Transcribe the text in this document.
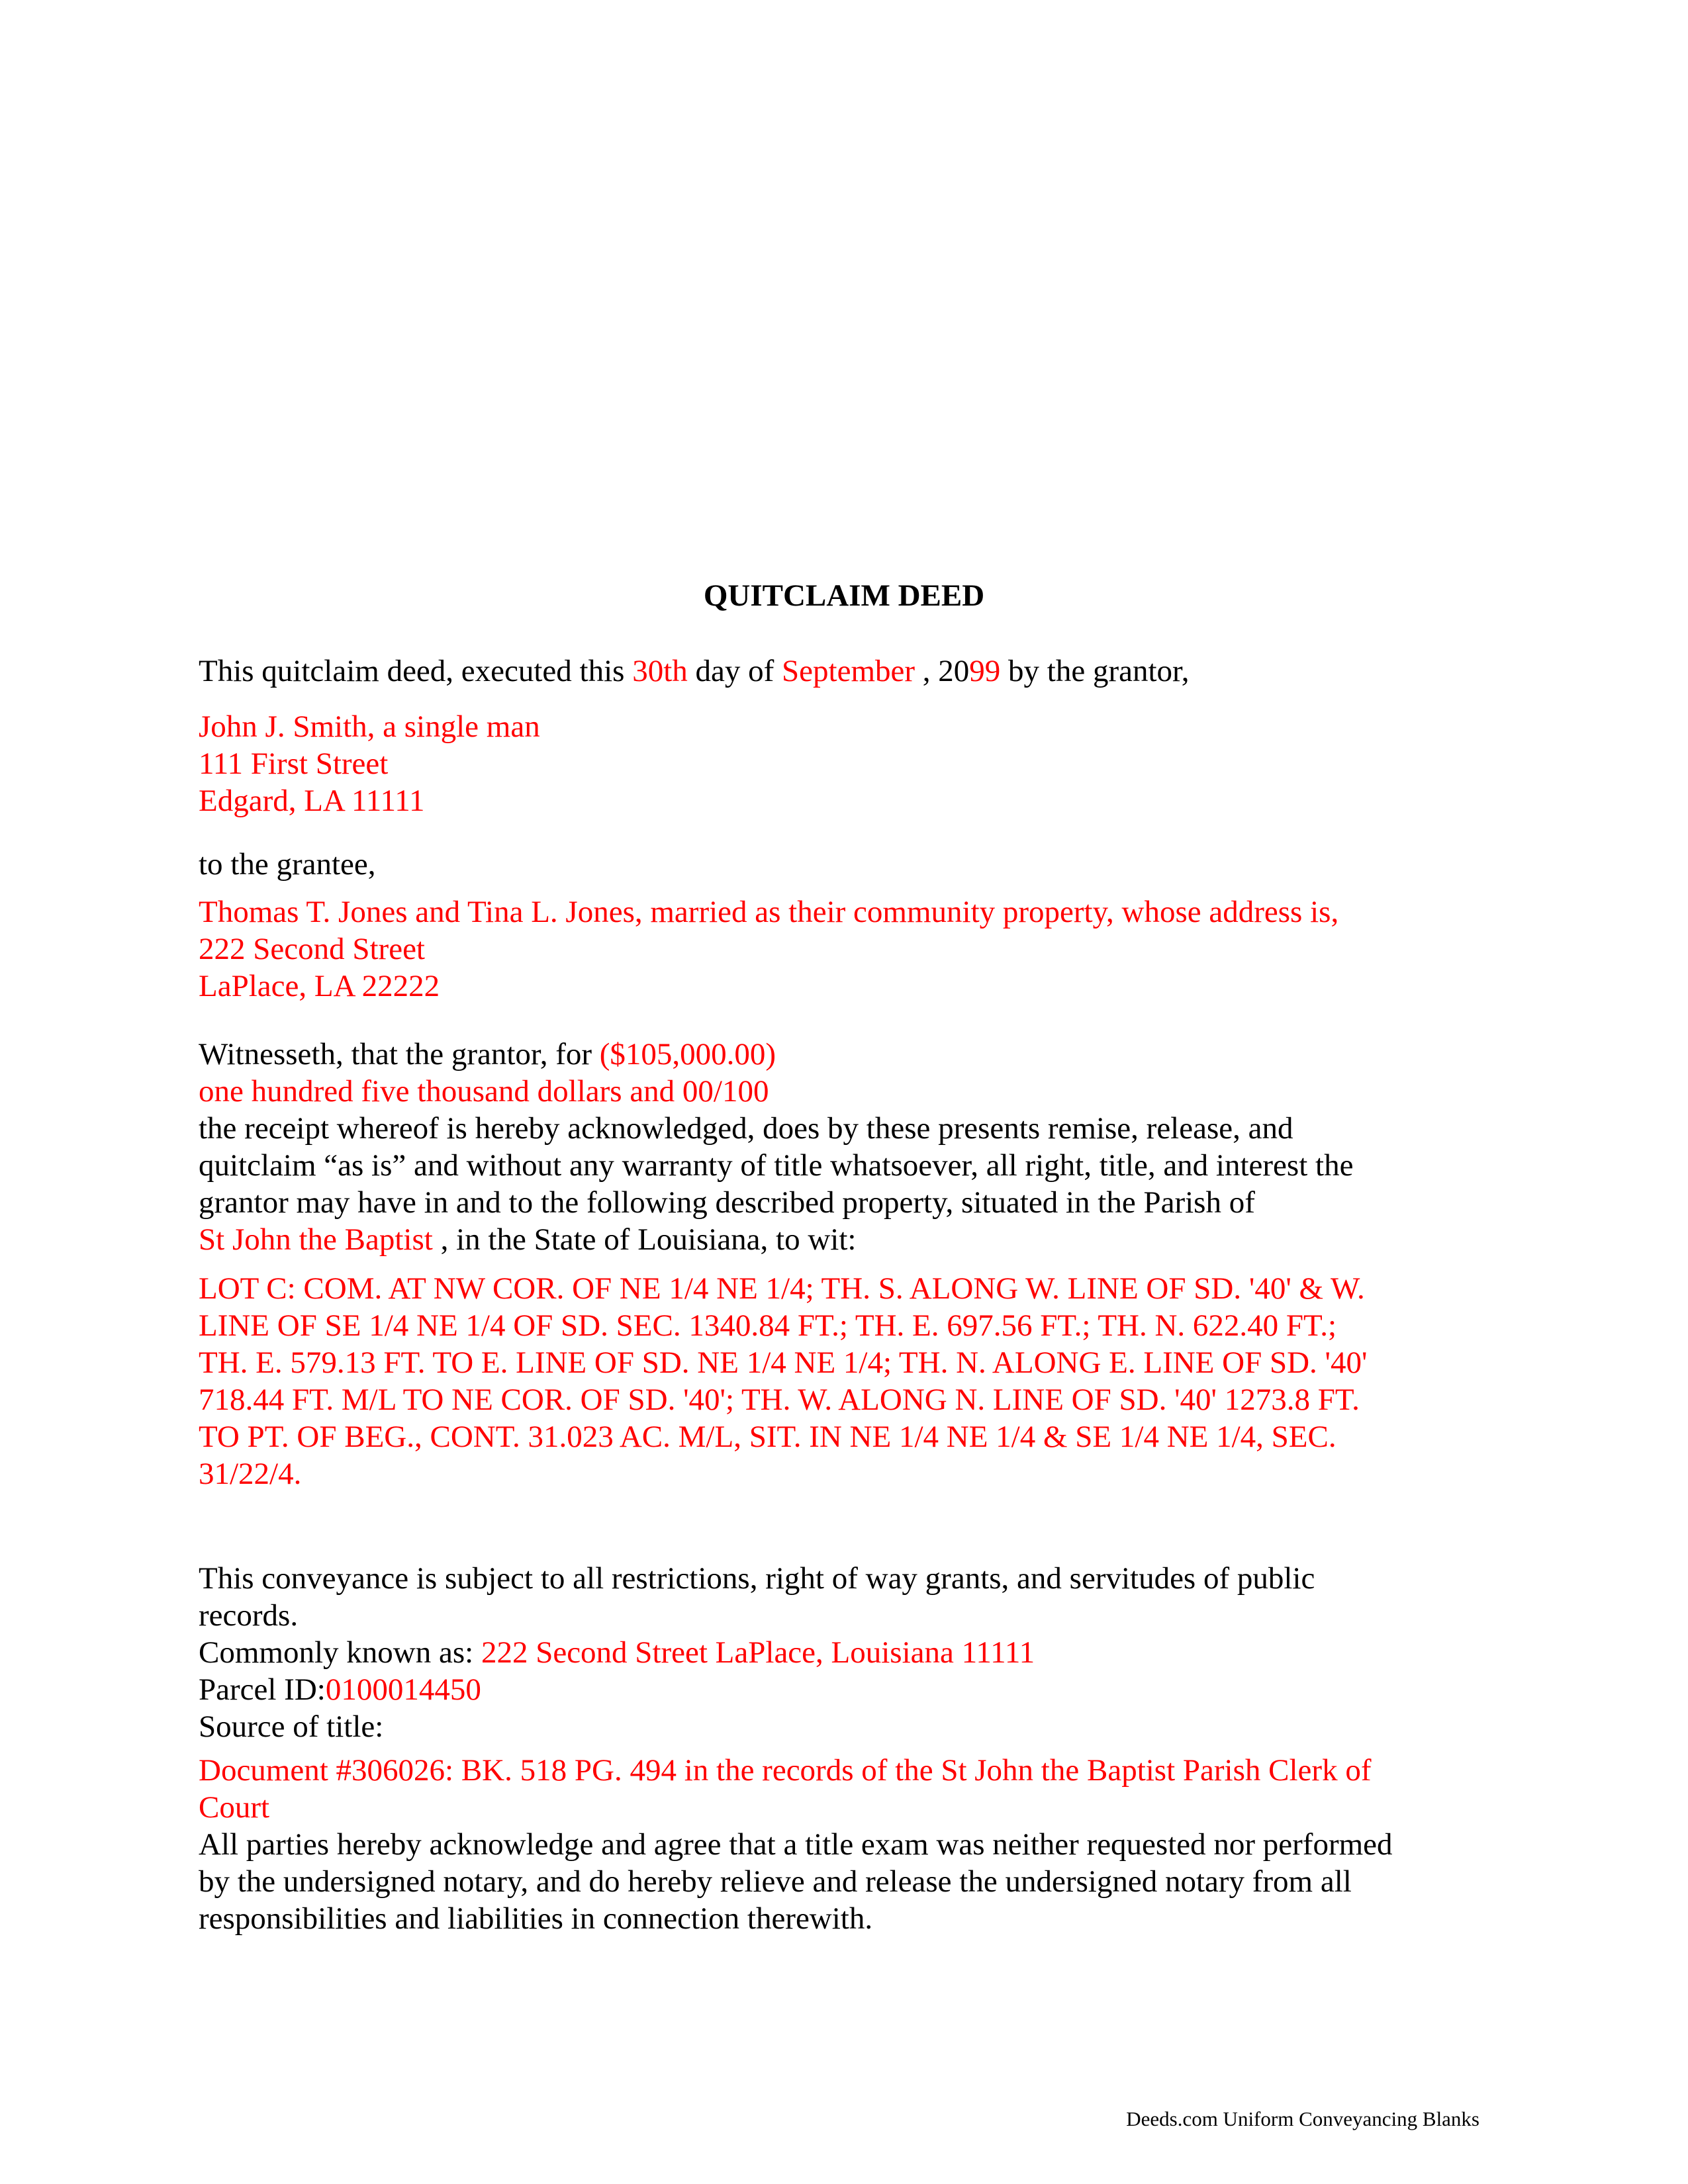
QUITCLAIM DEED
This quitclaim deed, executed this 30th day of September , 2099 by the grantor,
John J. Smith, a single man
111 First Street
Edgard, LA 11111
to the grantee,
Thomas T. Jones and Tina L. Jones, married as their community property, whose address is,
222 Second Street
LaPlace, LA 22222
Witnesseth, that the grantor, for ($105,000.00)
one hundred five thousand dollars and 00/100
the receipt whereof is hereby acknowledged, does by these presents remise, release, and
quitclaim “as is” and without any warranty of title whatsoever, all right, title, and interest the
grantor may have in and to the following described property, situated in the Parish of
St John the Baptist , in the State of Louisiana, to wit:
LOT C: COM. AT NW COR. OF NE 1/4 NE 1/4; TH. S. ALONG W. LINE OF SD. '40' & W.
LINE OF SE 1/4 NE 1/4 OF SD. SEC. 1340.84 FT.; TH. E. 697.56 FT.; TH. N. 622.40 FT.;
TH. E. 579.13 FT. TO E. LINE OF SD. NE 1/4 NE 1/4; TH. N. ALONG E. LINE OF SD. '40'
718.44 FT. M/L TO NE COR. OF SD. '40'; TH. W. ALONG N. LINE OF SD. '40' 1273.8 FT.
TO PT. OF BEG., CONT. 31.023 AC. M/L, SIT. IN NE 1/4 NE 1/4 & SE 1/4 NE 1/4, SEC.
31/22/4.
This conveyance is subject to all restrictions, right of way grants, and servitudes of public
records.
Commonly known as: 222 Second Street LaPlace, Louisiana 11111
Parcel ID:0100014450
Source of title:
Document #306026: BK. 518 PG. 494 in the records of the St John the Baptist Parish Clerk of
Court
All parties hereby acknowledge and agree that a title exam was neither requested nor performed
by the undersigned notary, and do hereby relieve and release the undersigned notary from all
responsibilities and liabilities in connection therewith.
Deeds.com Uniform Conveyancing Blanks
